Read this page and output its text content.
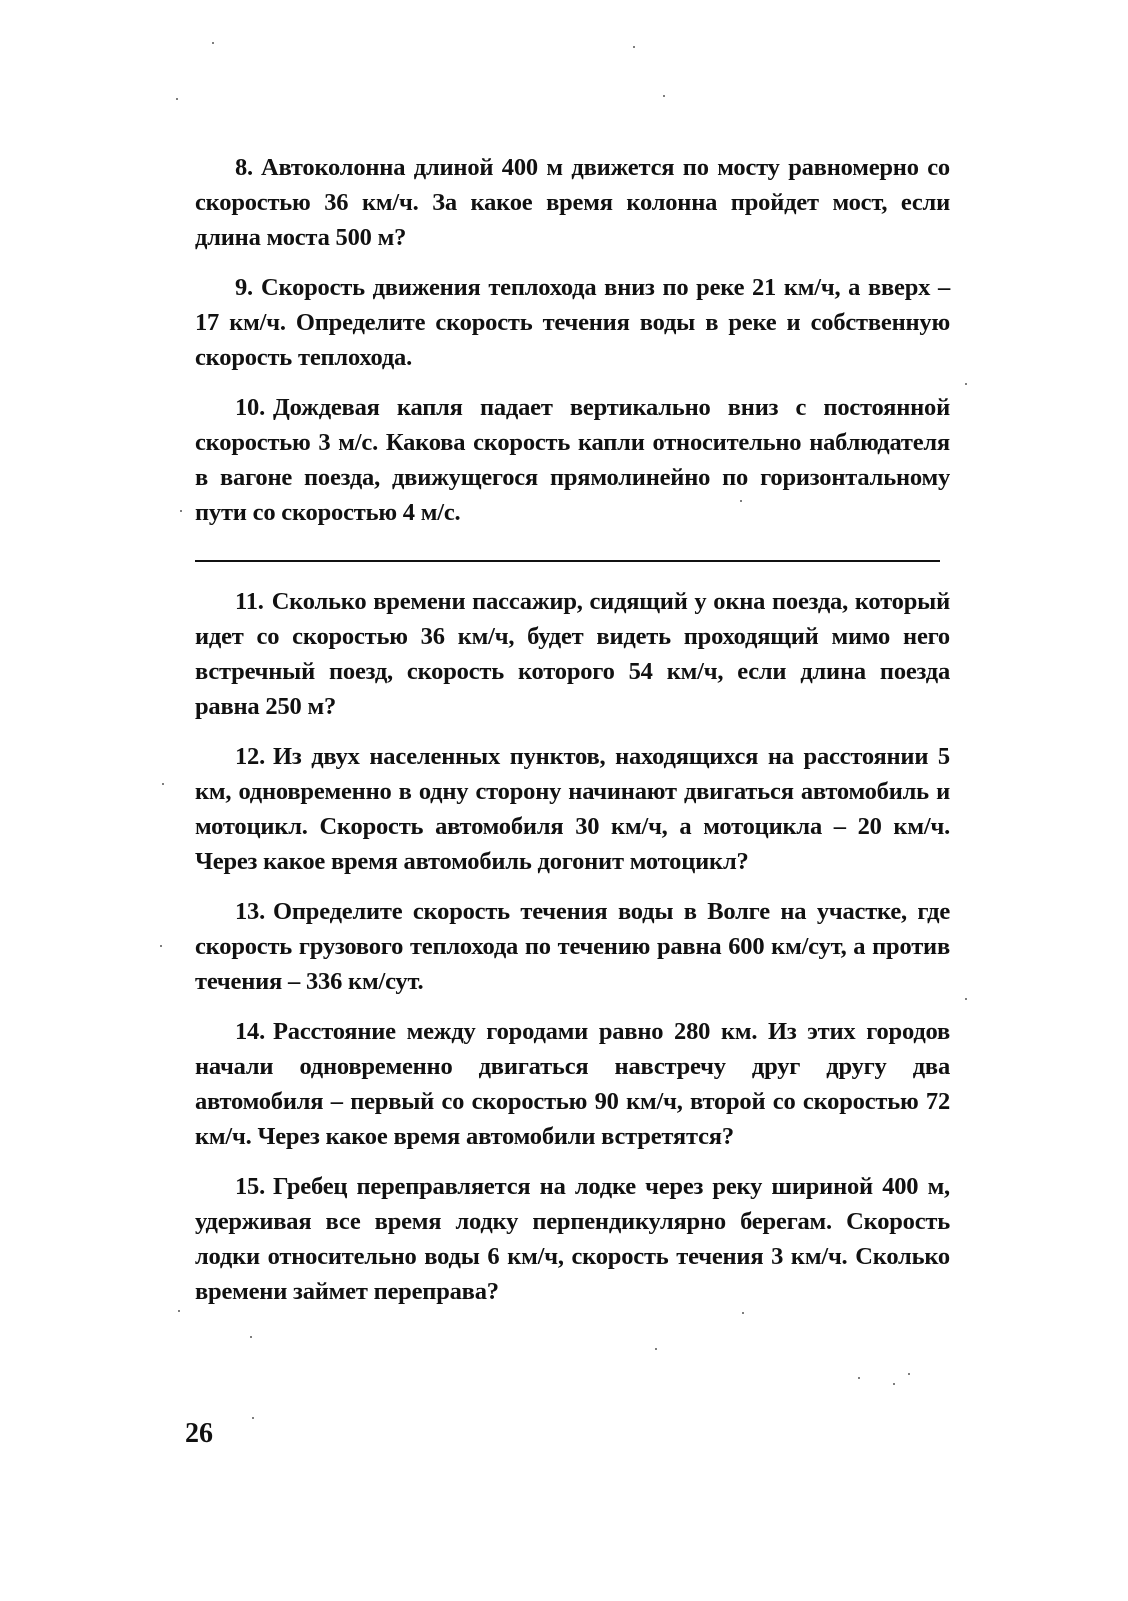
8. Автоколонна длиной 400 м движется по мосту равномерно со скоростью 36 км/ч. За какое время колонна пройдет мост, если длина моста 500 м?

9. Скорость движения теплохода вниз по реке 21 км/ч, а вверх – 17 км/ч. Определите скорость течения воды в реке и собственную скорость теплохода.

10. Дождевая капля падает вертикально вниз с постоянной скоростью 3 м/с. Какова скорость капли относительно наблюдателя в вагоне поезда, движущегося прямолинейно по горизонтальному пути со скоростью 4 м/с.

11. Сколько времени пассажир, сидящий у окна поезда, который идет со скоростью 36 км/ч, будет видеть проходящий мимо него встречный поезд, скорость которого 54 км/ч, если длина поезда равна 250 м?

12. Из двух населенных пунктов, находящихся на расстоянии 5 км, одновременно в одну сторону начинают двигаться автомобиль и мотоцикл. Скорость автомобиля 30 км/ч, а мотоцикла – 20 км/ч. Через какое время автомобиль догонит мотоцикл?

13. Определите скорость течения воды в Волге на участке, где скорость грузового теплохода по течению равна 600 км/сут, а против течения – 336 км/сут.

14. Расстояние между городами равно 280 км. Из этих городов начали одновременно двигаться навстречу друг другу два автомобиля – первый со скоростью 90 км/ч, второй со скоростью 72 км/ч. Через какое время автомобили встретятся?

15. Гребец переправляется на лодке через реку шириной 400 м, удерживая все время лодку перпендикулярно берегам. Скорость лодки относительно воды 6 км/ч, скорость течения 3 км/ч. Сколько времени займет переправа?

26
